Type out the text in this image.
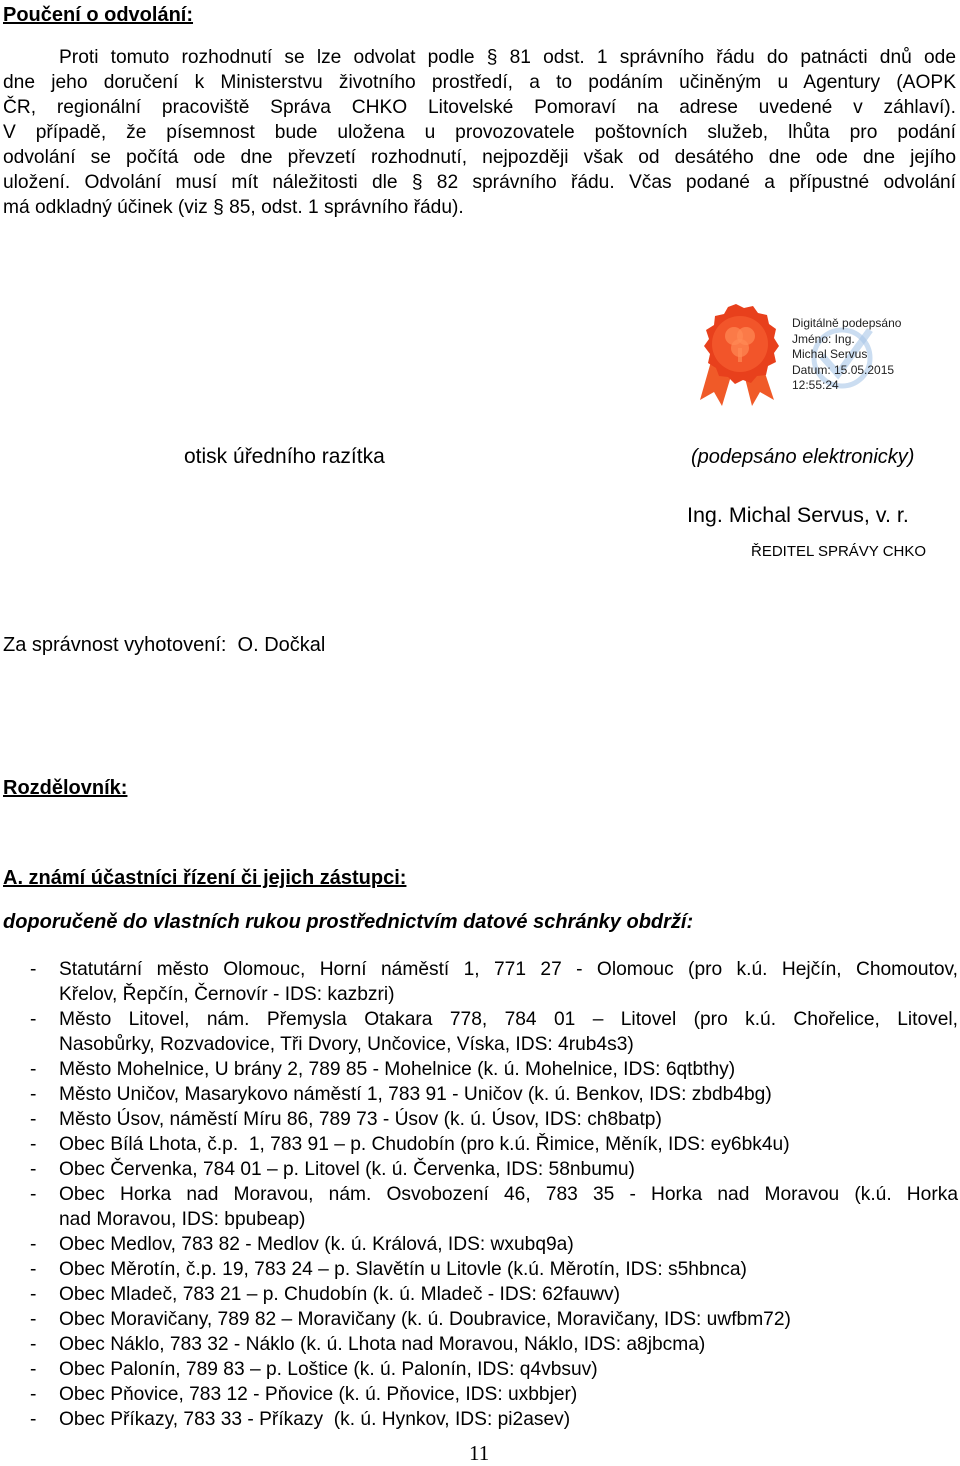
Poučení o odvolání:
Proti tomuto rozhodnutí se lze odvolat podle § 81 odst. 1 správního řádu do patnácti dnů ode
dne jeho doručení k Ministerstvu životního prostředí, a to podáním učiněným u Agentury (AOPK
ČR, regionální pracoviště Správa CHKO Litovelské Pomoraví na adrese uvedené v záhlaví).
V případě, že písemnost bude uložena u provozovatele poštovních služeb, lhůta pro podání
odvolání se počítá ode dne převzetí rozhodnutí, nejpozději však od desátého dne ode dne jejího
uložení. Odvolání musí mít náležitosti dle § 82 správního řádu. Včas podané a přípustné odvolání
má odkladný účinek (viz § 85, odst. 1 správního řádu).
Digitálně podepsáno
Jméno: Ing.
Michal Servus
Datum: 15.05.2015
12:55:24
otisk úředního razítka	(podepsáno elektronicky)
Ing. Michal Servus, v. r.
ŘEDITEL SPRÁVY CHKO
Za správnost vyhotovení:  O. Dočkal
Rozdělovník:
A. známí účastníci řízení či jejich zástupci:
doporučeně do vlastních rukou prostřednictvím datové schránky obdrží:
- Statutární město Olomouc, Horní náměstí 1, 771 27 - Olomouc (pro k.ú. Hejčín, Chomoutov,
Křelov, Řepčín, Černovír - IDS: kazbzri)
- Město Litovel, nám. Přemysla Otakara 778, 784 01 – Litovel (pro k.ú. Chořelice, Litovel,
Nasobůrky, Rozvadovice, Tři Dvory, Unčovice, Víska, IDS: 4rub4s3)
- Město Mohelnice, U brány 2, 789 85 - Mohelnice (k. ú. Mohelnice, IDS: 6qtbthy)
- Město Uničov, Masarykovo náměstí 1, 783 91 - Uničov (k. ú. Benkov, IDS: zbdb4bg)
- Město Úsov, náměstí Míru 86, 789 73 - Úsov (k. ú. Úsov, IDS: ch8batp)
- Obec Bílá Lhota, č.p.  1, 783 91 – p. Chudobín (pro k.ú. Řimice, Měník, IDS: ey6bk4u)
- Obec Červenka, 784 01 – p. Litovel (k. ú. Červenka, IDS: 58nbumu)
- Obec Horka nad Moravou, nám. Osvobození 46, 783 35 - Horka nad Moravou (k.ú. Horka
nad Moravou, IDS: bpubeap)
- Obec Medlov, 783 82 - Medlov (k. ú. Králová, IDS: wxubq9a)
- Obec Měrotín, č.p. 19, 783 24 – p. Slavětín u Litovle (k.ú. Měrotín, IDS: s5hbnca)
- Obec Mladeč, 783 21 – p. Chudobín (k. ú. Mladeč - IDS: 62fauwv)
- Obec Moravičany, 789 82 – Moravičany (k. ú. Doubravice, Moravičany, IDS: uwfbm72)
- Obec Náklo, 783 32 - Náklo (k. ú. Lhota nad Moravou, Náklo, IDS: a8jbcma)
- Obec Palonín, 789 83 – p. Loštice (k. ú. Palonín, IDS: q4vbsuv)
- Obec Pňovice, 783 12 - Pňovice (k. ú. Pňovice, IDS: uxbbjer)
- Obec Příkazy, 783 33 - Příkazy  (k. ú. Hynkov, IDS: pi2asev)
11
